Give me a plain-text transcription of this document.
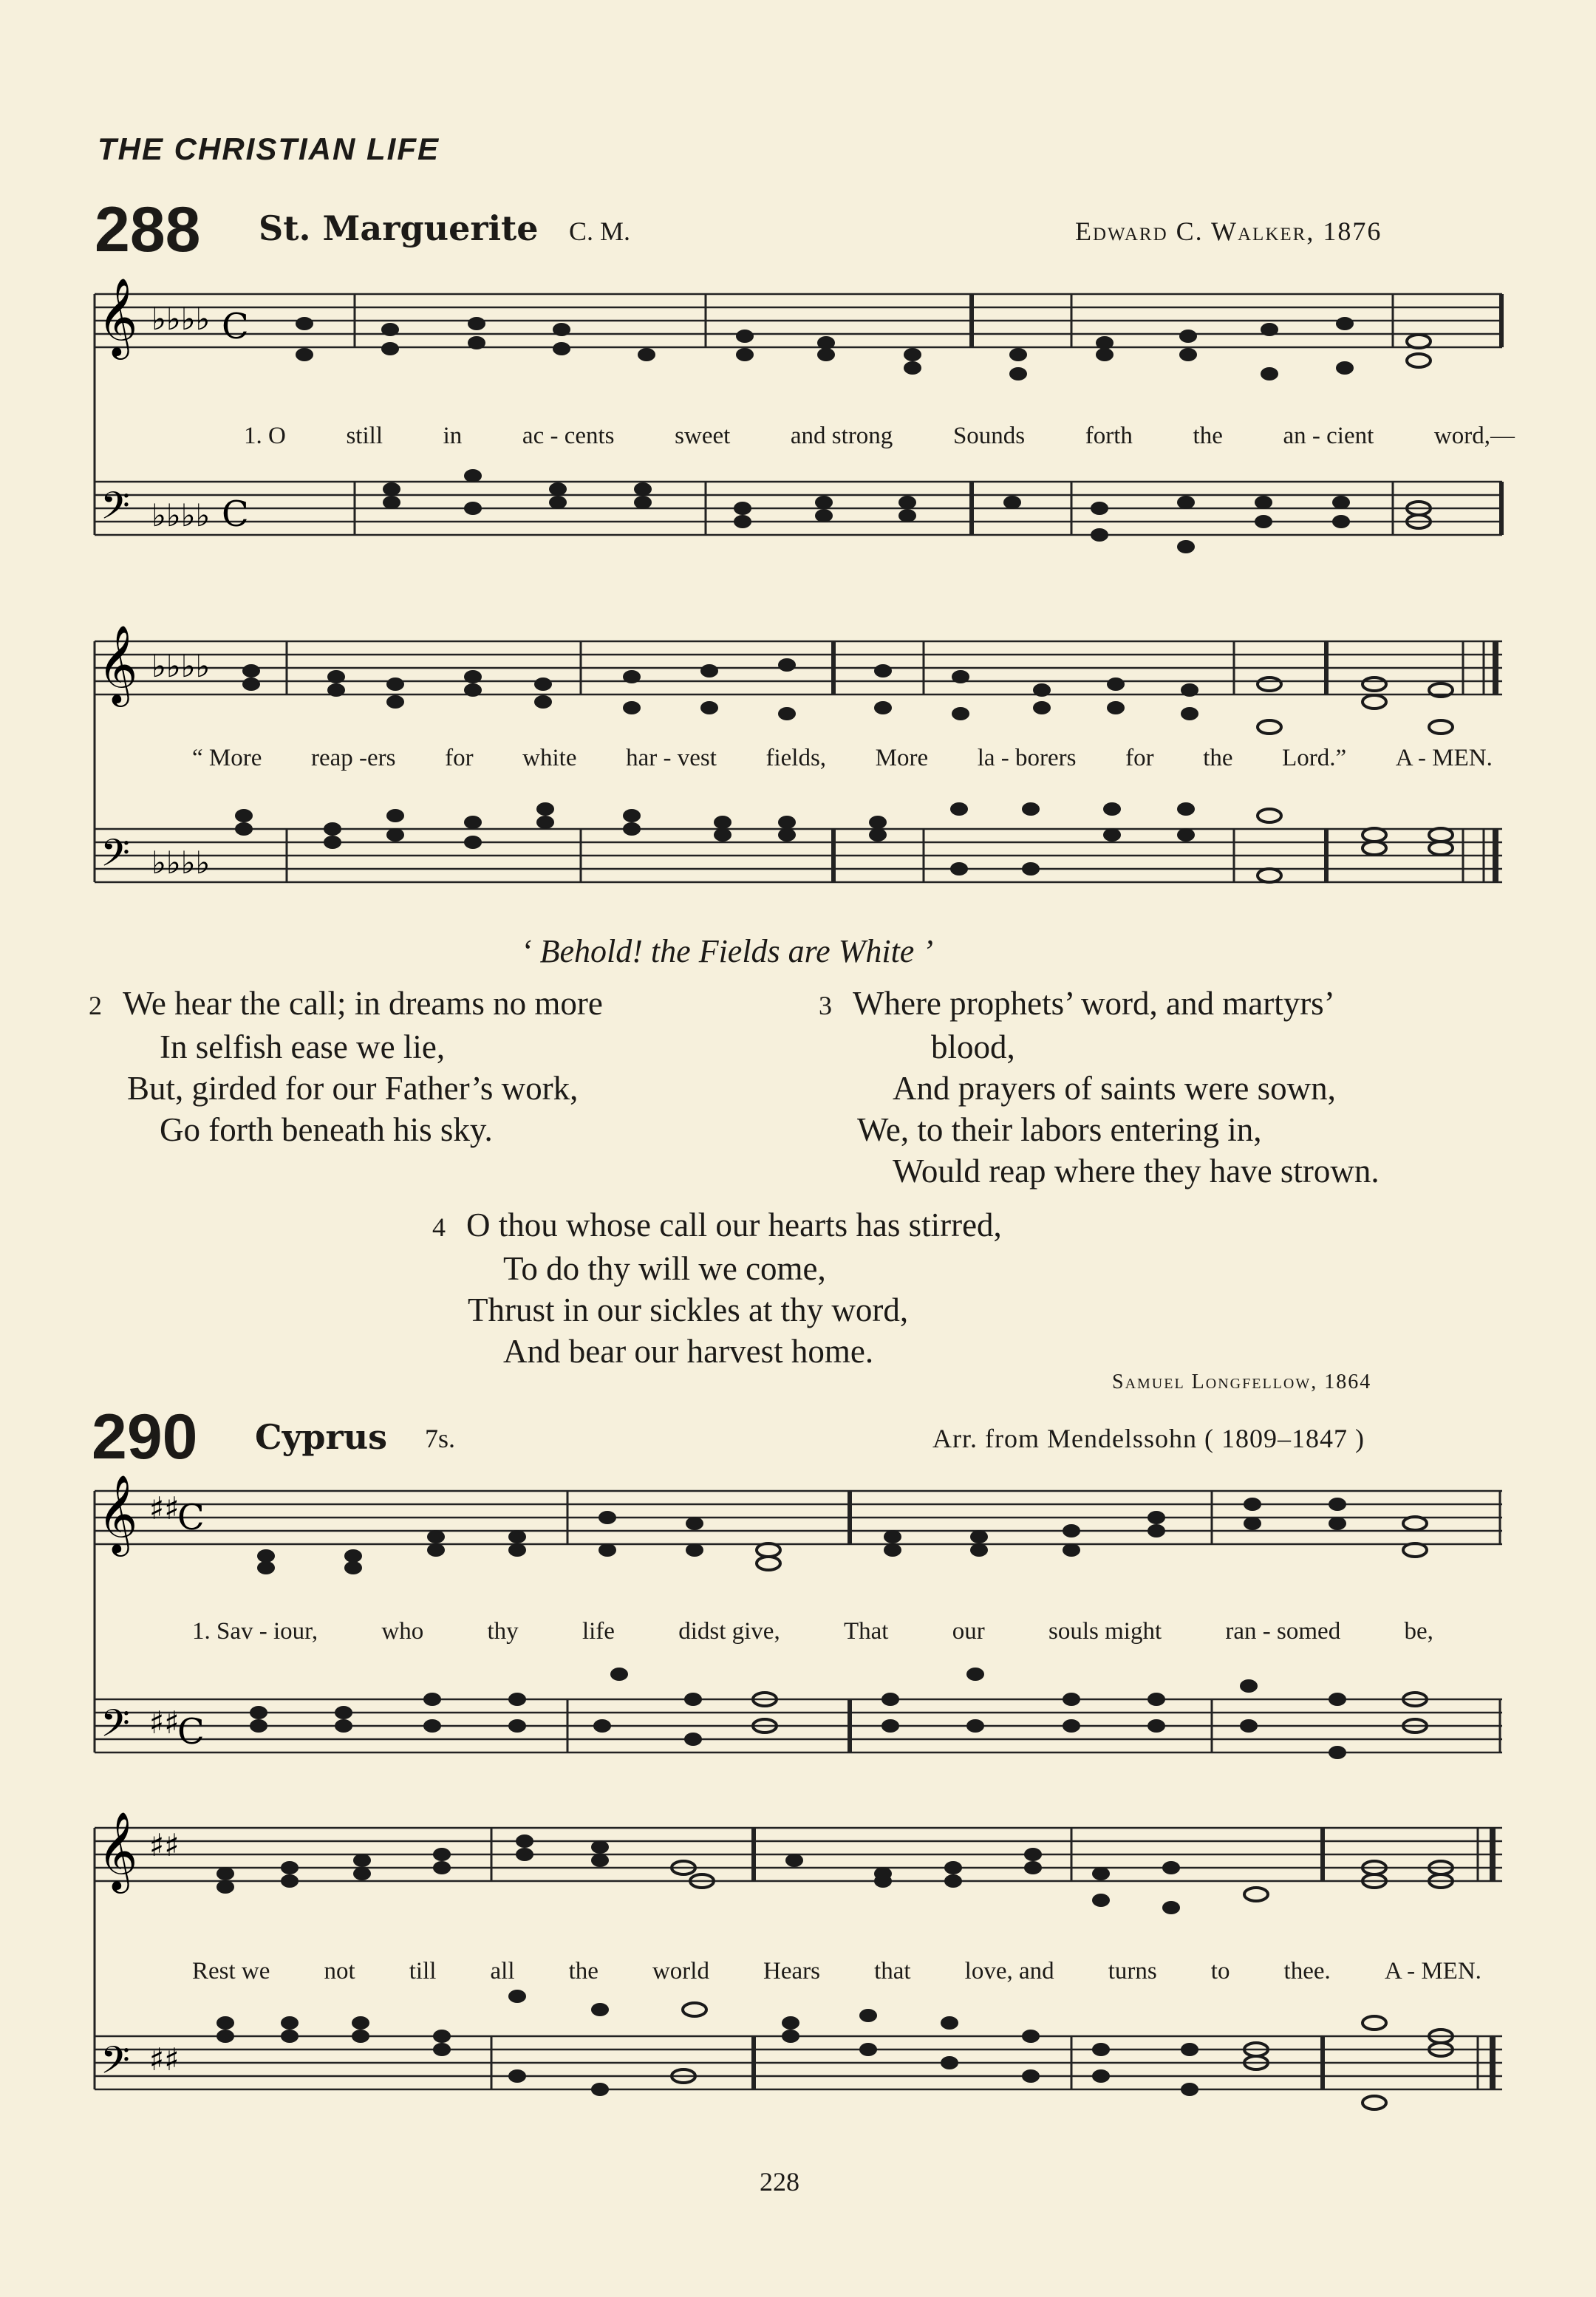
THE CHRISTIAN LIFE
288 St. Marguerite C. M.	Edward C. Walker, 1876
𝄞
𝄢
♭♭♭♭
♭♭♭♭
C
C
𝄞
𝄢
♭♭♭♭
♭♭♭♭
𝄞
𝄢
♯♯
♯♯
C
C
𝄞
𝄢
♯♯
♯♯
1. O still in ac - cents sweet and strong Sounds forth the an - cient word,—
“ More reap -ers for white har - vest fields, More la - borers for the Lord.” A - MEN.
‘ Behold! the Fields are White ’
2 We hear the call; in dreams no more
In selfish ease we lie,
But, girded for our Father’s work,
Go forth beneath his sky.
3 Where prophets’ word, and martyrs’
blood,
And prayers of saints were sown,
We, to their labors entering in,
Would reap where they have strown.
4 O thou whose call our hearts has stirred,
To do thy will we come,
Thrust in our sickles at thy word,
And bear our harvest home.
Samuel Longfellow, 1864
290 Cyprus 7s.	Arr. from Mendelssohn ( 1809–1847 )
1. Sav - iour,	who	thy	life	didst give,	That	our	souls might	ran - somed	be,
Rest we not till all the world Hears that love, and turns to thee. A - MEN.
228
